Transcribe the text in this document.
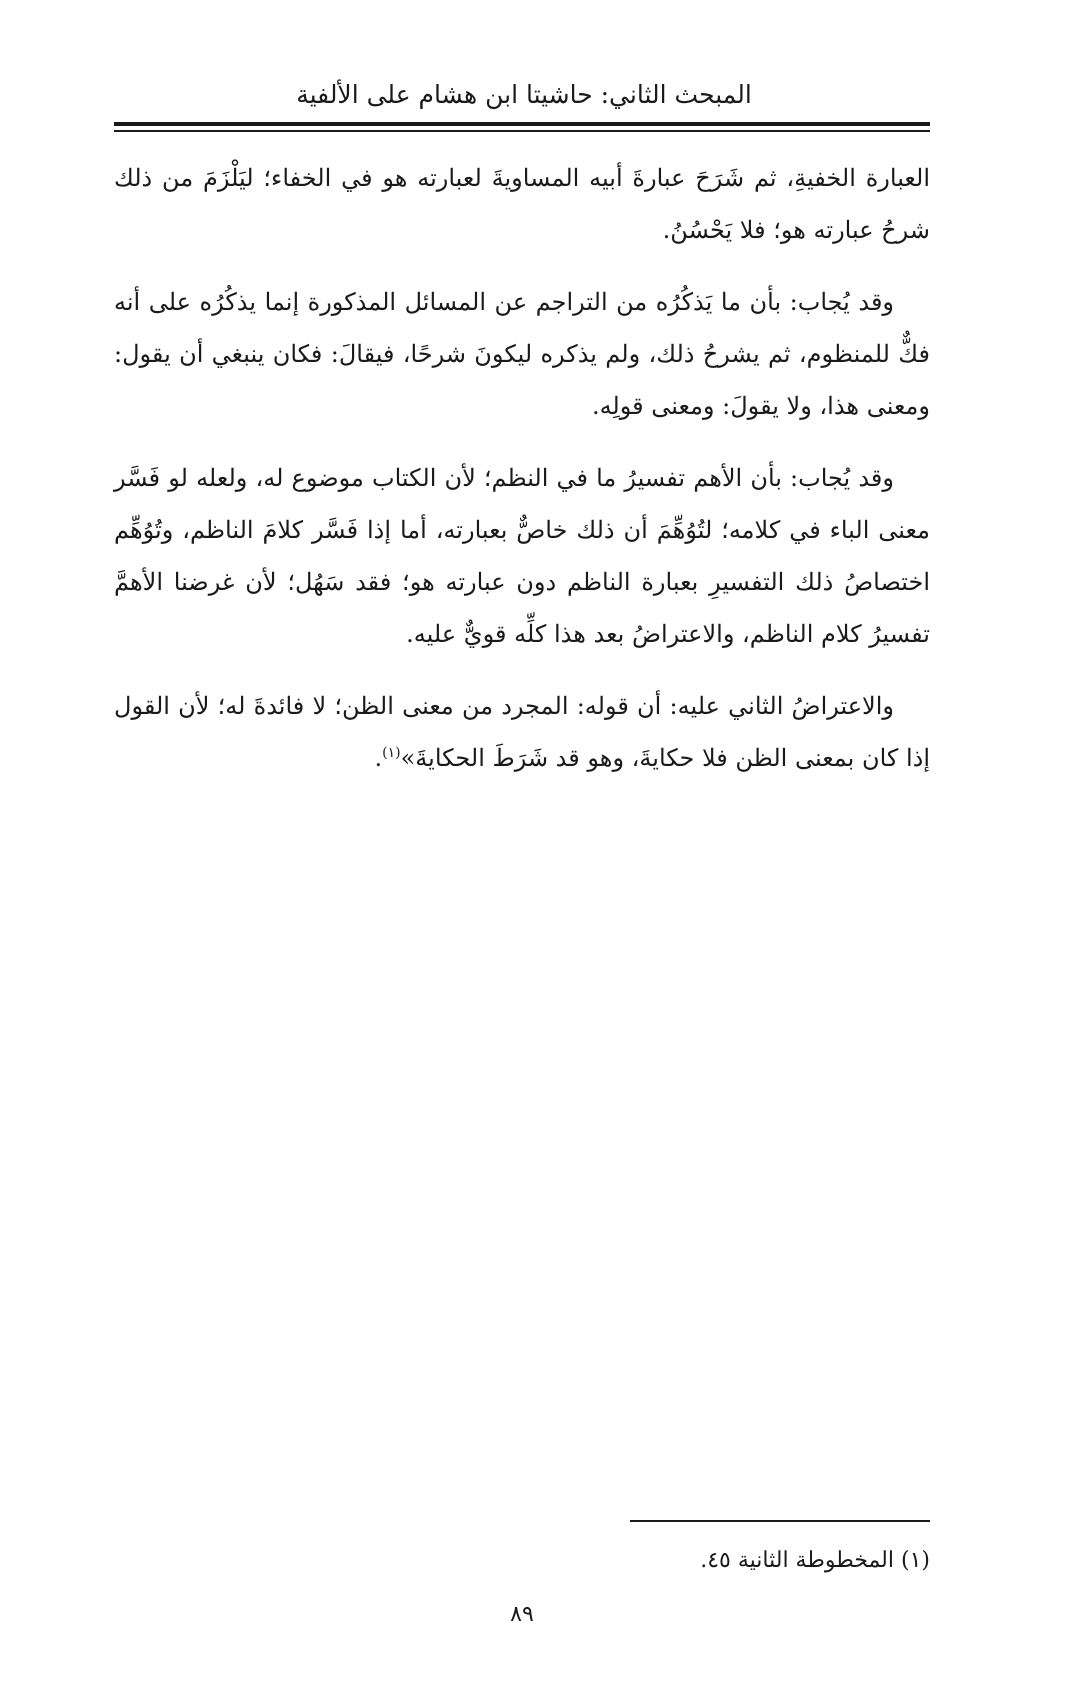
المبحث الثاني: حاشيتا ابن هشام على الألفية

العبارة الخفيةِ، ثم شَرَحَ عبارةَ أبيه المساويةَ لعبارته هو في الخفاء؛ ليَلْزَمَ من ذلك شرحُ عبارته هو؛ فلا يَحْسُنُ.

وقد يُجاب: بأن ما يَذكُرُه من التراجم عن المسائل المذكورة إنما يذكُرُه على أنه فكٌّ للمنظوم، ثم يشرحُ ذلك، ولم يذكره ليكونَ شرحًا، فيقالَ: فكان ينبغي أن يقول: ومعنى هذا، ولا يقولَ: ومعنى قولِه.

وقد يُجاب: بأن الأهم تفسيرُ ما في النظم؛ لأن الكتاب موضوع له، ولعله لو فَسَّر معنى الباء في كلامه؛ لتُوُهِّمَ أن ذلك خاصٌّ بعبارته، أما إذا فَسَّر كلامَ الناظم، وتُوُهِّم اختصاصُ ذلك التفسيرِ بعبارة الناظم دون عبارته هو؛ فقد سَهُل؛ لأن غرضنا الأهمَّ تفسيرُ كلام الناظم، والاعتراضُ بعد هذا كلِّه قويٌّ عليه.

والاعتراضُ الثاني عليه: أن قوله: المجرد من معنى الظن؛ لا فائدةَ له؛ لأن القول إذا كان بمعنى الظن فلا حكايةَ، وهو قد شَرَطَ الحكايةَ»$^{(١)}$.

(١) المخطوطة الثانية ٤٥.
٨٩
